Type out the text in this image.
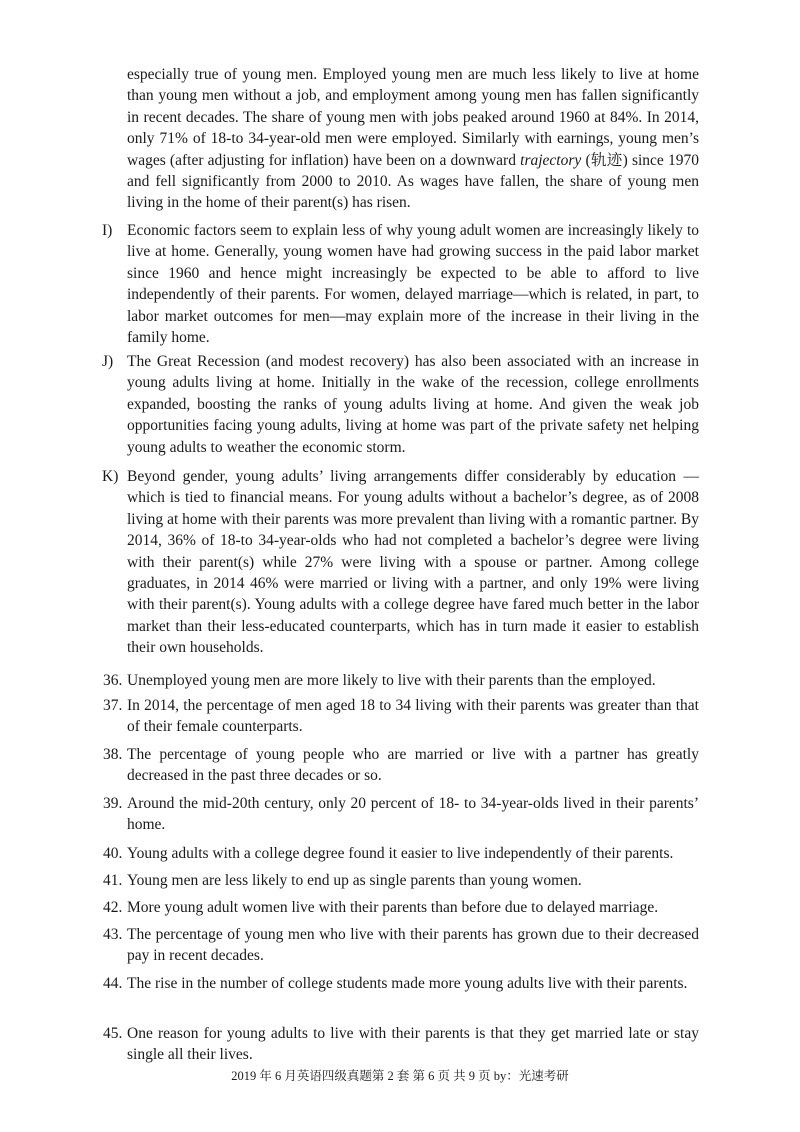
especially true of young men. Employed young men are much less likely to live at home than young men without a job, and employment among young men has fallen significantly in recent decades. The share of young men with jobs peaked around 1960 at 84%. In 2014, only 71% of 18-to 34-year-old men were employed. Similarly with earnings, young men’s wages (after adjusting for inflation) have been on a downward trajectory (轨迹) since 1970 and fell significantly from 2000 to 2010. As wages have fallen, the share of young men living in the home of their parent(s) has risen.

I) Economic factors seem to explain less of why young adult women are increasingly likely to live at home. Generally, young women have had growing success in the paid labor market since 1960 and hence might increasingly be expected to be able to afford to live independently of their parents. For women, delayed marriage—which is related, in part, to labor market outcomes for men—may explain more of the increase in their living in the family home.

J) The Great Recession (and modest recovery) has also been associated with an increase in young adults living at home. Initially in the wake of the recession, college enrollments expanded, boosting the ranks of young adults living at home. And given the weak job opportunities facing young adults, living at home was part of the private safety net helping young adults to weather the economic storm.

K) Beyond gender, young adults’ living arrangements differ considerably by education —which is tied to financial means. For young adults without a bachelor’s degree, as of 2008 living at home with their parents was more prevalent than living with a romantic partner. By 2014, 36% of 18-to 34-year-olds who had not completed a bachelor’s degree were living with their parent(s) while 27% were living with a spouse or partner. Among college graduates, in 2014 46% were married or living with a partner, and only 19% were living with their parent(s). Young adults with a college degree have fared much better in the labor market than their less-educated counterparts, which has in turn made it easier to establish their own households.

36. Unemployed young men are more likely to live with their parents than the employed.

37. In 2014, the percentage of men aged 18 to 34 living with their parents was greater than that of their female counterparts.

38. The percentage of young people who are married or live with a partner has greatly decreased in the past three decades or so.

39. Around the mid-20th century, only 20 percent of 18- to 34-year-olds lived in their parents’ home.

40. Young adults with a college degree found it easier to live independently of their parents.

41. Young men are less likely to end up as single parents than young women.

42. More young adult women live with their parents than before due to delayed marriage.

43. The percentage of young men who live with their parents has grown due to their decreased pay in recent decades.

44. The rise in the number of college students made more young adults live with their parents.

45. One reason for young adults to live with their parents is that they get married late or stay single all their lives.

2019 年 6 月英语四级真题第 2 套 第 6 页 共 9 页 by：光速考研
